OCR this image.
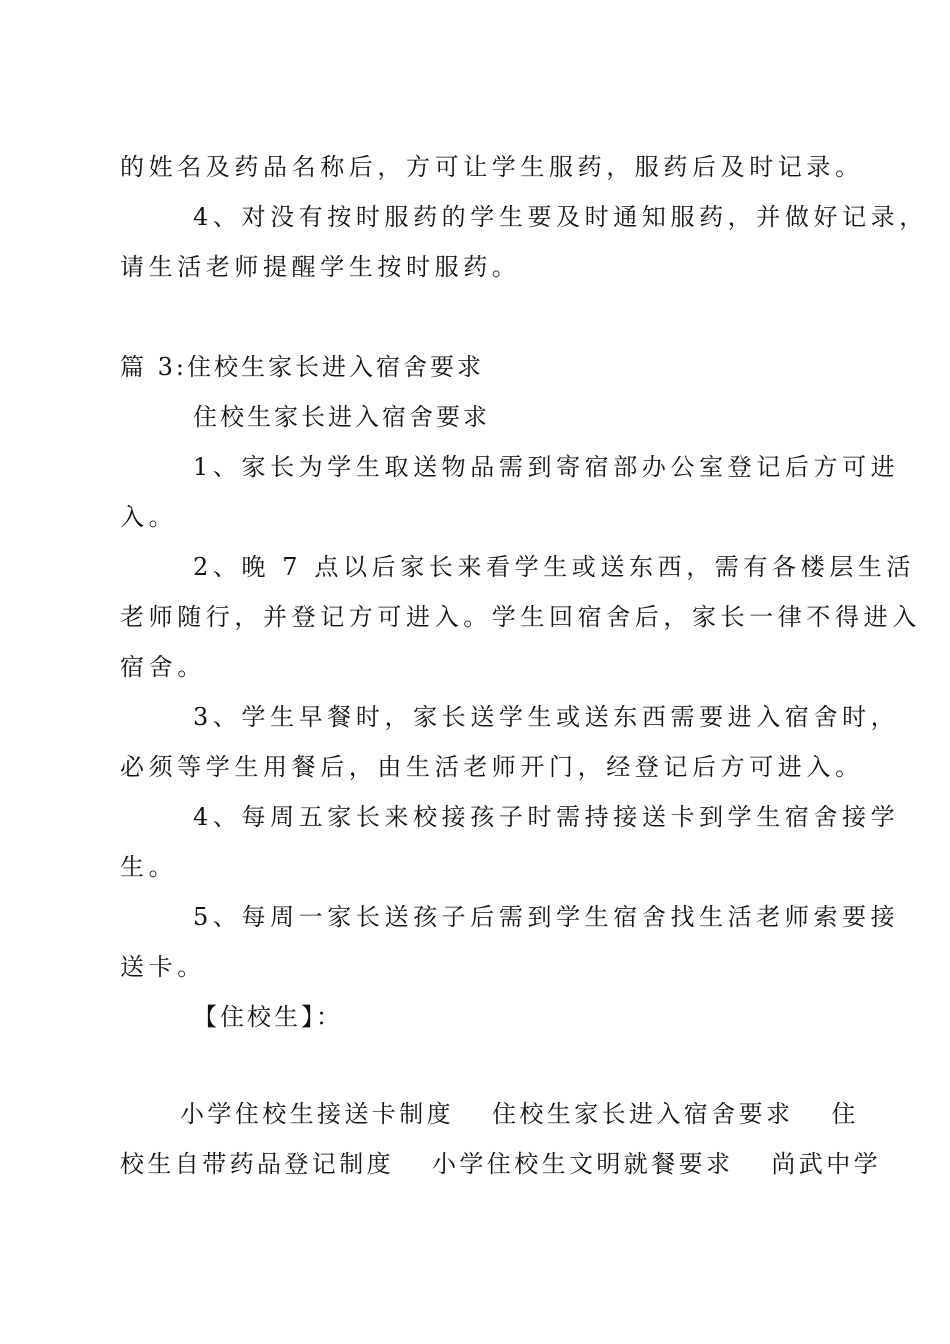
的姓名及药品名称后，方可让学生服药，服药后及时记录。
4、对没有按时服药的学生要及时通知服药，并做好记录，
请生活老师提醒学生按时服药。
篇 3:住校生家长进入宿舍要求
住校生家长进入宿舍要求
1、家长为学生取送物品需到寄宿部办公室登记后方可进
入。
2、晚 7 点以后家长来看学生或送东西，需有各楼层生活
老师随行，并登记方可进入。学生回宿舍后，家长一律不得进入
宿舍。
3、学生早餐时，家长送学生或送东西需要进入宿舍时，
必须等学生用餐后，由生活老师开门，经登记后方可进入。
4、每周五家长来校接孩子时需持接送卡到学生宿舍接学
生。
5、每周一家长送孩子后需到学生宿舍找生活老师索要接
送卡。
【住校生】：
小学住校生接送卡制度 住校生家长进入宿舍要求 住
校生自带药品登记制度 小学住校生文明就餐要求 尚武中学
